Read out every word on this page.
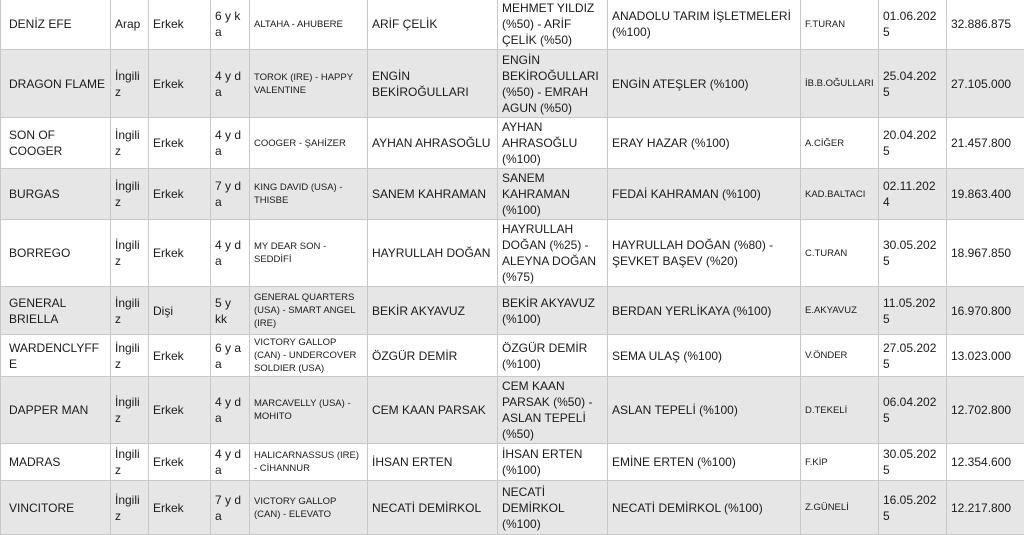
DENİZ EFE	Arap	Erkek	6 y k a	ALTAHA - AHUBERE	ARİF ÇELİK	MEHMET YILDIZ (%50) - ARİF ÇELİK (%50)	ANADOLU TARIM İŞLETMELERİ (%100)	F.TURAN	01.06.2025	32.886.875
DRAGON FLAME	İngiliz	Erkek	4 y d a	TOROK (IRE) - HAPPY VALENTINE	ENGİN BEKİROĞULLARI	ENGİN BEKİROĞULLARI (%50) - EMRAH AGUN (%50)	ENGİN ATEŞLER (%100)	İB.B.OĞULLARI	25.04.2025	27.105.000
SON OF COOGER	İngiliz	Erkek	4 y d a	COOGER - ŞAHİZER	AYHAN AHRASOĞLU	AYHAN AHRASOĞLU (%100)	ERAY HAZAR (%100)	A.CİĞER	20.04.2025	21.457.800
BURGAS	İngiliz	Erkek	7 y d a	KING DAVID (USA) - THISBE	SANEM KAHRAMAN	SANEM KAHRAMAN (%100)	FEDAİ KAHRAMAN (%100)	KAD.BALTACI	02.11.2024	19.863.400
BORREGO	İngiliz	Erkek	4 y d a	MY DEAR SON - SEDDİFİ	HAYRULLAH DOĞAN	HAYRULLAH DOĞAN (%25) - ALEYNA DOĞAN (%75)	HAYRULLAH DOĞAN (%80) - ŞEVKET BAŞEV (%20)	C.TURAN	30.05.2025	18.967.850
GENERAL BRIELLA	İngiliz	Dişi	5 y kk	GENERAL QUARTERS (USA) - SMART ANGEL (IRE)	BEKİR AKYAVUZ	BEKİR AKYAVUZ (%100)	BERDAN YERLİKAYA (%100)	E.AKYAVUZ	11.05.2025	16.970.800
WARDENCLYFFE	İngiliz	Erkek	6 y a a	VICTORY GALLOP (CAN) - UNDERCOVER SOLDIER (USA)	ÖZGÜR DEMİR	ÖZGÜR DEMİR (%100)	SEMA ULAŞ (%100)	V.ÖNDER	27.05.2025	13.023.000
DAPPER MAN	İngiliz	Erkek	4 y d a	MARCAVELLY (USA) - MOHITO	CEM KAAN PARSAK	CEM KAAN PARSAK (%50) - ASLAN TEPELİ (%50)	ASLAN TEPELİ (%100)	D.TEKELİ	06.04.2025	12.702.800
MADRAS	İngiliz	Erkek	4 y d a	HALICARNASSUS (IRE) - CİHANNUR	İHSAN ERTEN	İHSAN ERTEN (%100)	EMİNE ERTEN (%100)	F.KİP	30.05.2025	12.354.600
VINCITORE	İngiliz	Erkek	7 y d a	VICTORY GALLOP (CAN) - ELEVATO	NECATİ DEMİRKOL	NECATİ DEMİRKOL (%100)	NECATİ DEMİRKOL (%100)	Z.GÜNELİ	16.05.2025	12.217.800
